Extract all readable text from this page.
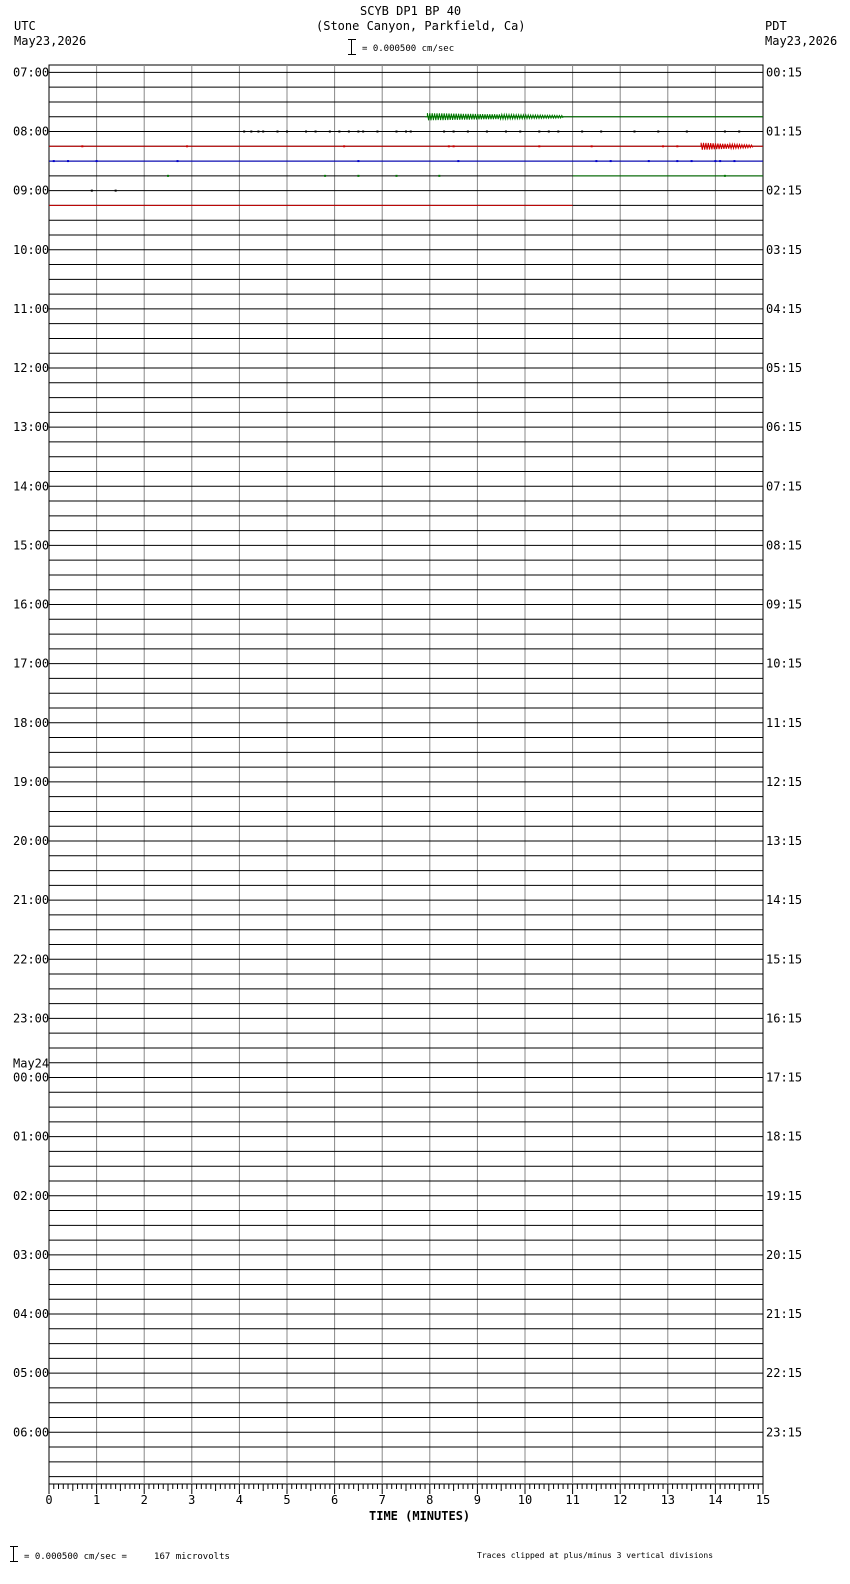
SCYB DP1 BP 40
(Stone Canyon, Parkfield, Ca)
UTC
May23,2026
PDT
May23,2026
= 0.000500 cm/sec
07:00	00:15
08:00	01:15
09:00	02:15
10:00	03:15
11:00	04:15
12:00	05:15
13:00	06:15
14:00	07:15
15:00	08:15
16:00	09:15
17:00	10:15
18:00	11:15
19:00	12:15
20:00	13:15
21:00	14:15
22:00	15:15
23:00	16:15
00:00	17:15
01:00	18:15
02:00	19:15
03:00	20:15
04:00	21:15
05:00	22:15
06:00	23:15
May24
0	1	2	3	4	5	6	7	8	9	10	11	12	13	14	15
TIME (MINUTES)
= 0.000500 cm/sec =     167 microvolts	Traces clipped at plus/minus 3 vertical divisions
